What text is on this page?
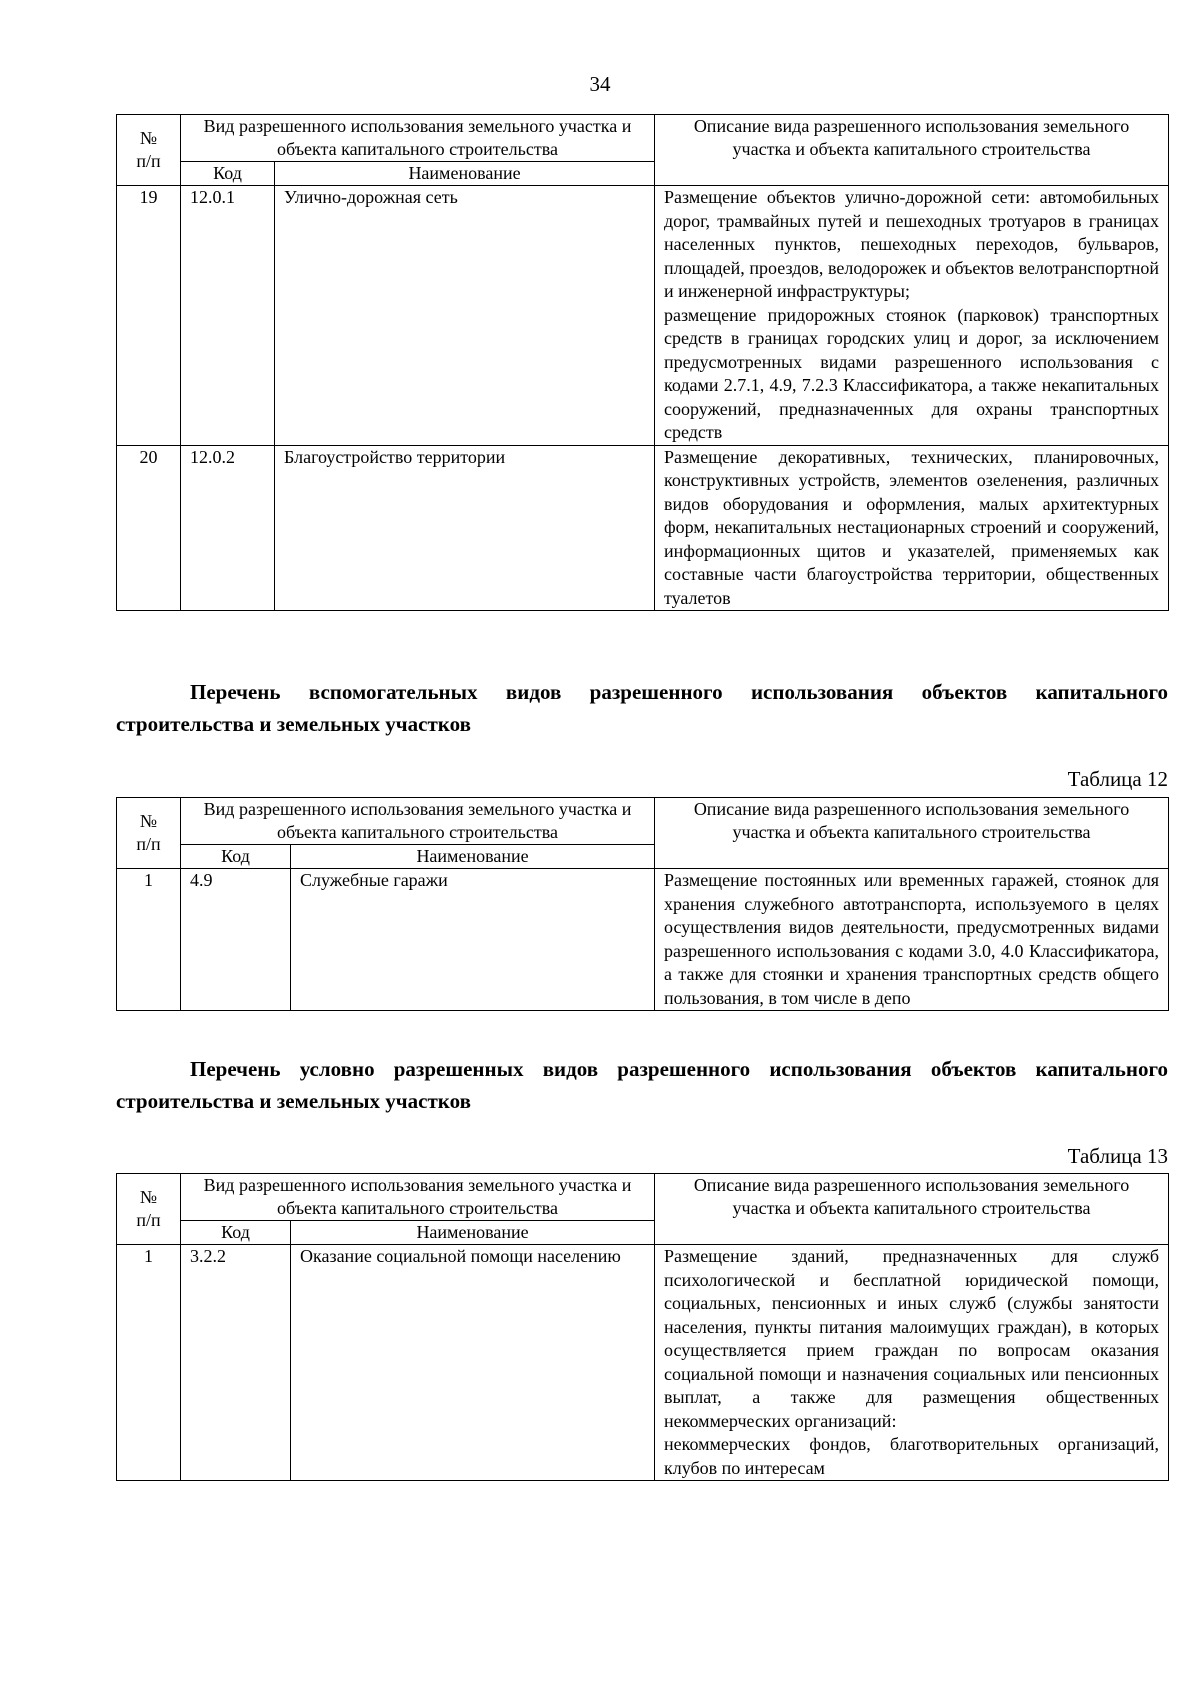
34
№
п/п	Вид разрешенного использования земельного участка и объекта капитального строительства		Описание вида разрешенного использования земельного участка и объекта капитального строительства
	Код	Наименование	
19	12.0.1	Улично-дорожная сеть	Размещение объектов улично-дорожной сети: автомобильных дорог, трамвайных путей и пешеходных тротуаров в границах населенных пунктов, пешеходных переходов, бульваров, площадей, проездов, велодорожек и объектов велотранспортной и инженерной инфраструктуры;
размещение придорожных стоянок (парковок) транспортных средств в границах городских улиц и дорог, за исключением предусмотренных видами разрешенного использования с кодами 2.7.1, 4.9, 7.2.3 Классификатора, а также некапитальных сооружений, предназначенных для охраны транспортных средств

20	12.0.2	Благоустройство территории	Размещение декоративных, технических, планировочных, конструктивных устройств, элементов озеленения, различных видов оборудования и оформления, малых архитектурных форм, некапитальных нестационарных строений и сооружений, информационных щитов и указателей, применяемых как составные части благоустройства территории, общественных туалетов
Перечень вспомогательных видов разрешенного использования объектов капитального строительства и земельных участков
Таблица 12
№
п/п	Вид разрешенного использования земельного участка и объекта капитального строительства		Описание вида разрешенного использования земельного участка и объекта капитального строительства
	Код	Наименование	
1	4.9	Служебные гаражи	Размещение постоянных или временных гаражей, стоянок для хранения служебного автотранспорта, используемого в целях осуществления видов деятельности, предусмотренных видами разрешенного использования с кодами 3.0, 4.0 Классификатора, а также для стоянки и хранения транспортных средств общего пользования, в том числе в депо
Перечень условно разрешенных видов разрешенного использования объектов капитального строительства и земельных участков
Таблица 13
№
п/п	Вид разрешенного использования земельного участка и объекта капитального строительства		Описание вида разрешенного использования земельного участка и объекта капитального строительства
	Код	Наименование	
1	3.2.2	Оказание социальной помощи населению	Размещение зданий, предназначенных для служб психологической и бесплатной юридической помощи, социальных, пенсионных и иных служб (службы занятости населения, пункты питания малоимущих граждан), в которых осуществляется прием граждан по вопросам оказания социальной помощи и назначения социальных или пенсионных выплат, а также для размещения общественных некоммерческих организаций:
некоммерческих фондов, благотворительных организаций, клубов по интересам
